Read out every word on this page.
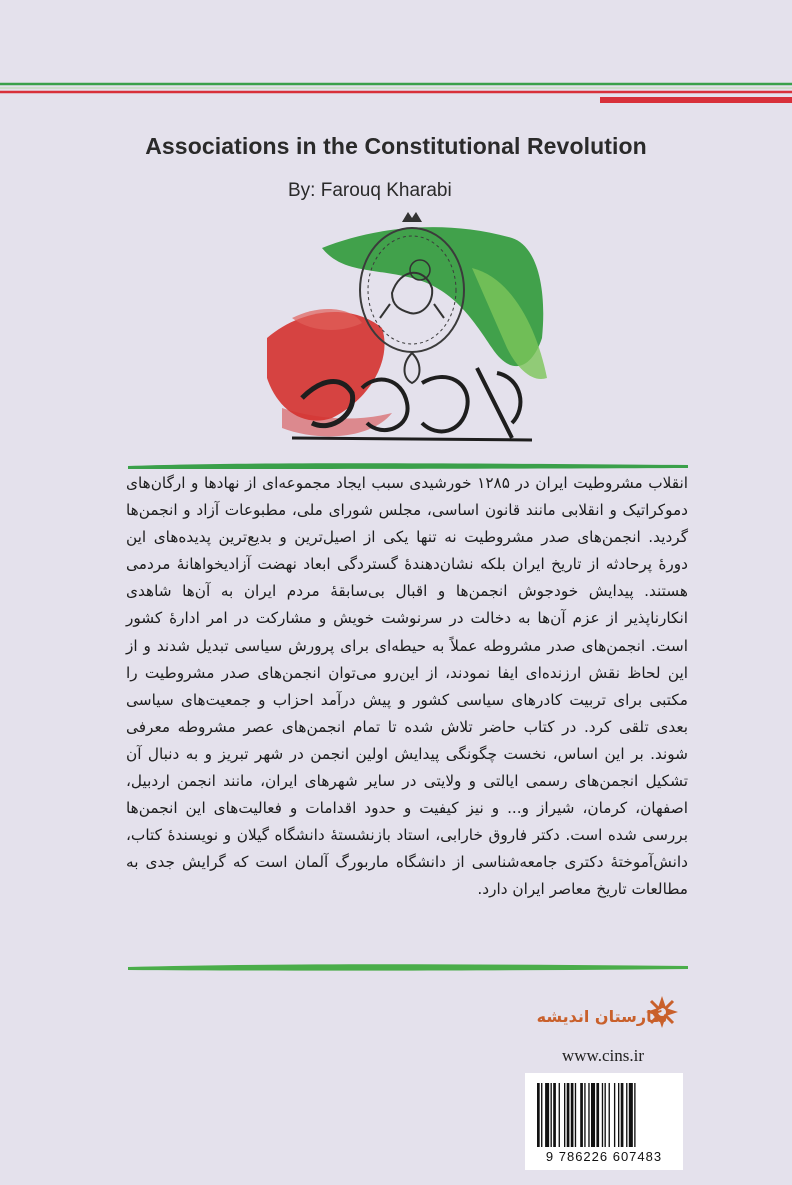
Associations in the Constitutional Revolution
By: Farouq Kharabi

انقلاب مشروطیت ایران در ۱۲۸۵ خورشیدی سبب ایجاد مجموعه‌ای از نهادها و ارگان‌های دموکراتیک و انقلابی مانند قانون اساسی، مجلس شورای ملی، مطبوعات آزاد و انجمن‌ها گردید. انجمن‌های صدر مشروطیت نه تنها یکی از اصیل‌ترین و بدیع‌ترین پدیده‌های این دورهٔ پرحادثه از تاریخ ایران بلکه نشان‌دهندهٔ گستردگی ابعاد نهضت آزادیخواهانهٔ مردمی هستند. پیدایش خودجوش انجمن‌ها و اقبال بی‌سابقهٔ مردم ایران به آن‌ها شاهدی انکارناپذیر از عزم آن‌ها به دخالت در سرنوشت خویش و مشارکت در امر ادارهٔ کشور است. انجمن‌های صدر مشروطه عملاً به حیطه‌ای برای پرورش سیاسی تبدیل شدند و از این لحاظ نقش ارزنده‌ای ایفا نمودند، از این‌رو می‌توان انجمن‌های صدر مشروطیت را مکتبی برای تربیت کادرهای سیاسی کشور و پیش درآمد احزاب و جمعیت‌های سیاسی بعدی تلقی کرد. در کتاب حاضر تلاش شده تا تمام انجمن‌های عصر مشروطه معرفی شوند. بر این اساس، نخست چگونگی پیدایش اولین انجمن در شهر تبریز و به دنبال آن تشکیل انجمن‌های رسمی ایالتی و ولایتی در سایر شهرهای ایران، مانند انجمن اردبیل، اصفهان، کرمان، شیراز و... و نیز کیفیت و حدود اقدامات و فعالیت‌های این انجمن‌ها بررسی شده است. دکتر فاروق خارابی، استاد بازنشستهٔ دانشگاه گیلان و نویسندهٔ کتاب، دانش‌آموختهٔ دکتری جامعه‌شناسی از دانشگاه ماربورگ آلمان است که گرایش جدی به مطالعات تاریخ معاصر ایران دارد.

نگارستان اندیشه
www.cins.ir
9 786226 607483
